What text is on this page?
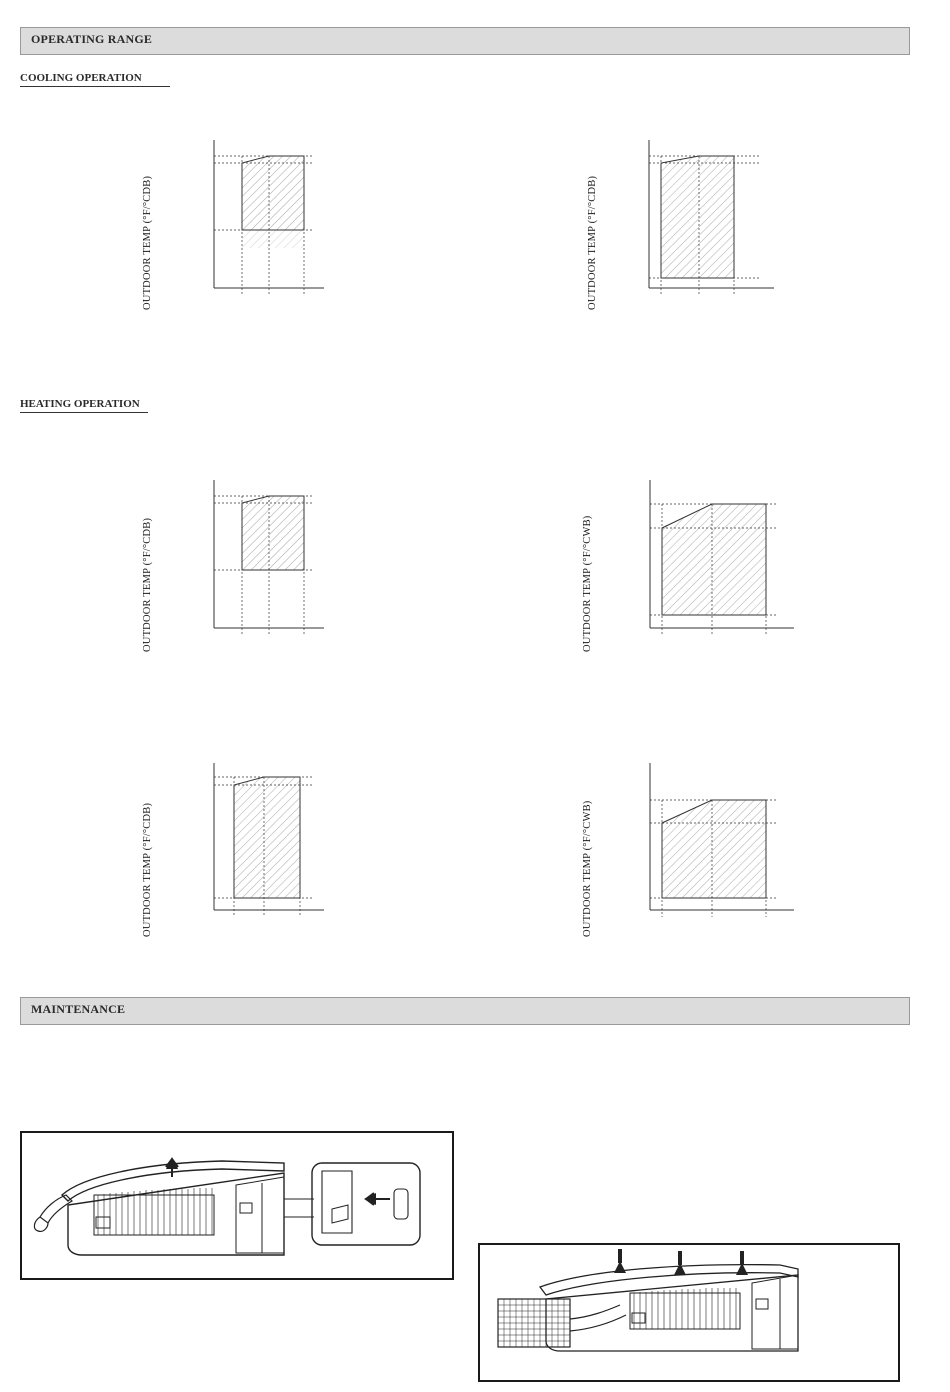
OPERATING RANGE
COOLING OPERATION
OUTDOOR TEMP (°F/°CDB)	OUTDOOR TEMP (°F/°CDB)
HEATING OPERATION
OUTDOOR TEMP (°F/°CDB)	OUTDOOR TEMP (°F/°CWB)
OUTDOOR TEMP (°F/°CDB)	OUTDOOR TEMP (°F/°CWB)
MAINTENANCE
